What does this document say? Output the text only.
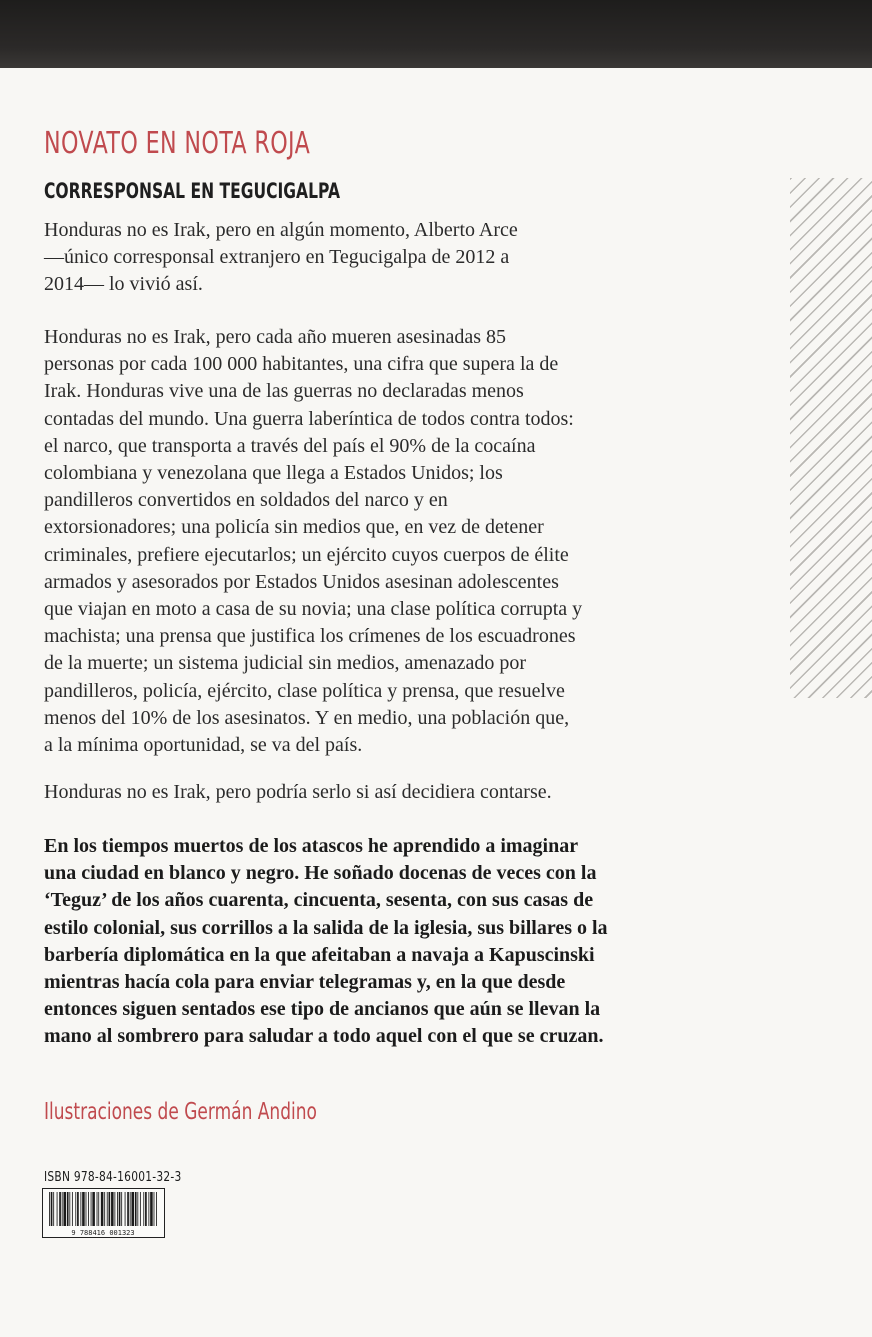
NOVATO EN NOTA ROJA
CORRESPONSAL EN TEGUCIGALPA

Honduras no es Irak, pero en algún momento, Alberto Arce
—único corresponsal extranjero en Tegucigalpa de 2012 a
2014— lo vivió así.

Honduras no es Irak, pero cada año mueren asesinadas 85
personas por cada 100 000 habitantes, una cifra que supera la de
Irak. Honduras vive una de las guerras no declaradas menos
contadas del mundo. Una guerra laberíntica de todos contra todos:
el narco, que transporta a través del país el 90% de la cocaína
colombiana y venezolana que llega a Estados Unidos; los
pandilleros convertidos en soldados del narco y en
extorsionadores; una policía sin medios que, en vez de detener
criminales, prefiere ejecutarlos; un ejército cuyos cuerpos de élite
armados y asesorados por Estados Unidos asesinan adolescentes
que viajan en moto a casa de su novia; una clase política corrupta y
machista; una prensa que justifica los crímenes de los escuadrones
de la muerte; un sistema judicial sin medios, amenazado por
pandilleros, policía, ejército, clase política y prensa, que resuelve
menos del 10% de los asesinatos. Y en medio, una población que,
a la mínima oportunidad, se va del país.

Honduras no es Irak, pero podría serlo si así decidiera contarse.

En los tiempos muertos de los atascos he aprendido a imaginar
una ciudad en blanco y negro. He soñado docenas de veces con la
‘Teguz’ de los años cuarenta, cincuenta, sesenta, con sus casas de
estilo colonial, sus corrillos a la salida de la iglesia, sus billares o la
barbería diplomática en la que afeitaban a navaja a Kapuscinski
mientras hacía cola para enviar telegramas y, en la que desde
entonces siguen sentados ese tipo de ancianos que aún se llevan la
mano al sombrero para saludar a todo aquel con el que se cruzan.

Ilustraciones de Germán Andino
ISBN 978-84-16001-32-3
9 788416 001323
